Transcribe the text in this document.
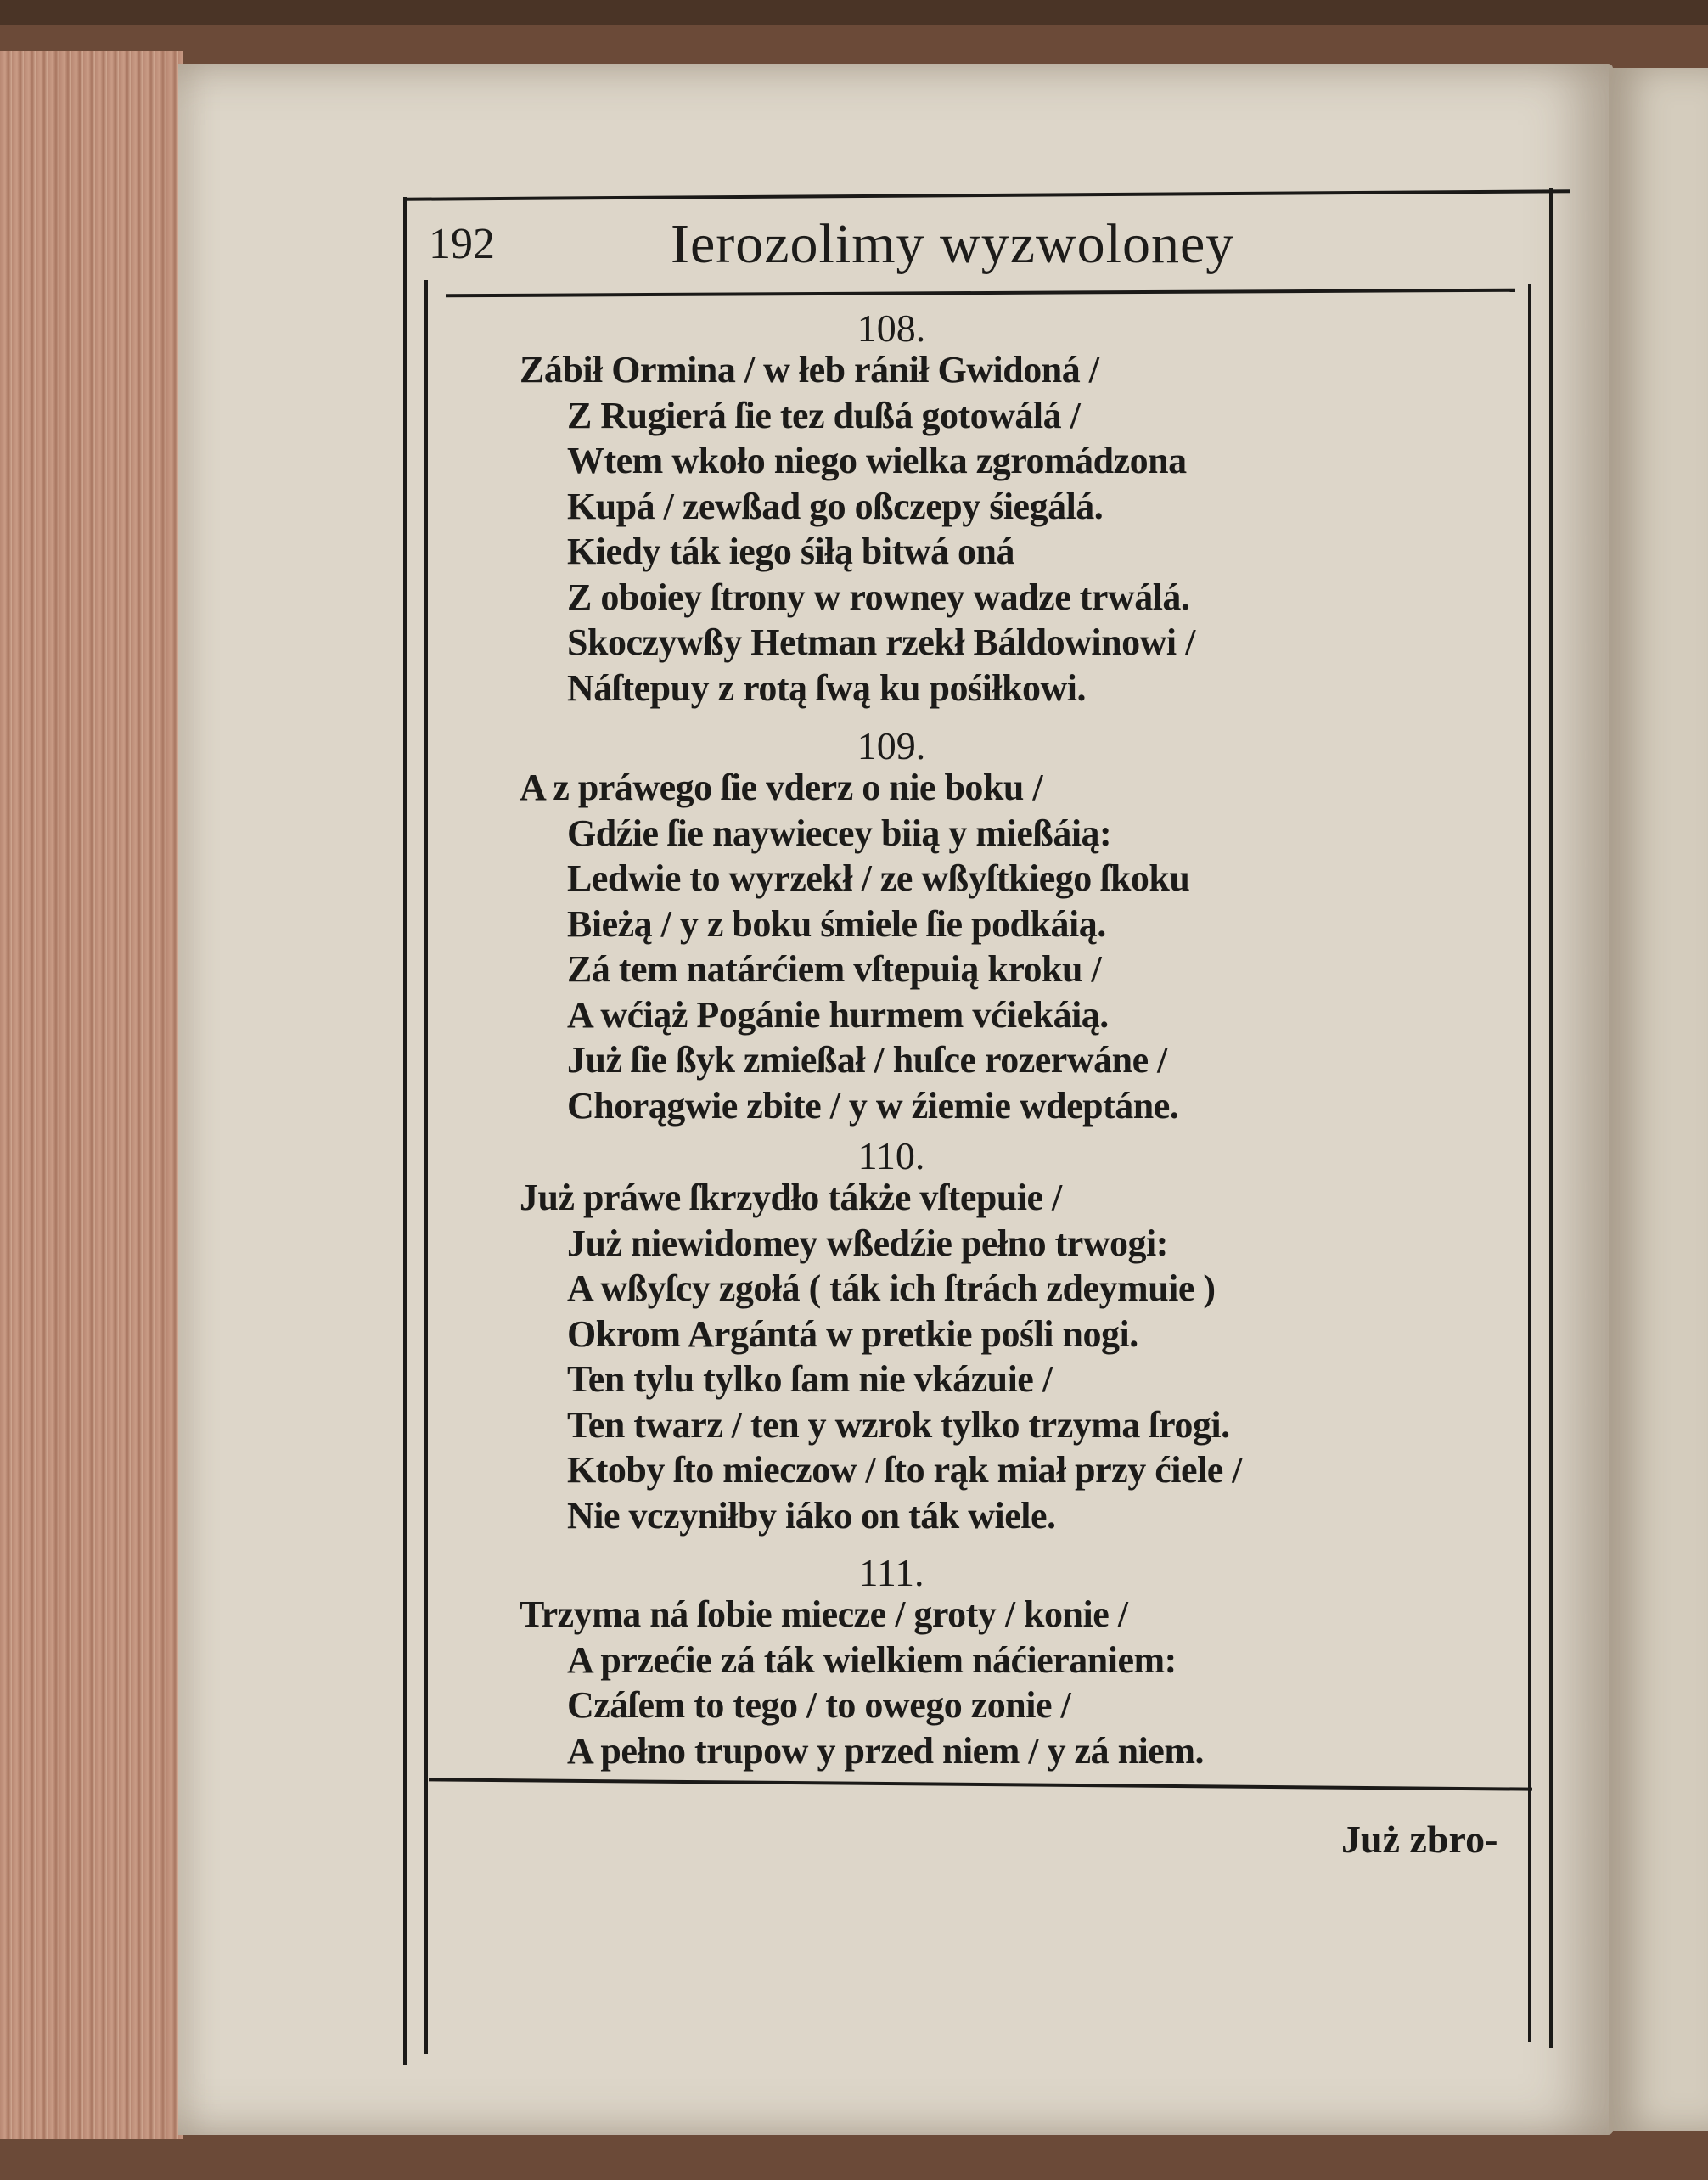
192	Ierozolimy wyzwoloney
108.
Zábił Ormina / w łeb ránił Gwidoná /
Z Rugierá ſie tez dußá gotowálá /
Wtem wkoło niego wielka zgromádzona
Kupá / zewßad go oßczepy śiegálá.
Kiedy ták iego śiłą bitwá oná
Z oboiey ſtrony w rowney wadze trwálá.
Skoczywßy Hetman rzekł Báldowinowi /
Náſtepuy z rotą ſwą ku pośiłkowi.
109.
A z práwego ſie vderz o nie boku /
Gdźie ſie naywiecey biią y mießáią:
Ledwie to wyrzekł / ze wßyſtkiego ſkoku
Bieżą / y z boku śmiele ſie podkáią.
Zá tem natárćiem vſtepuią kroku /
A wćiąż Pogánie hurmem vćiekáią.
Już ſie ßyk zmießał / huſce rozerwáne /
Chorągwie zbite / y w źiemie wdeptáne.
110.
Już práwe ſkrzydło tákże vſtepuie /
Już niewidomey wßedźie pełno trwogi:
A wßyſcy zgołá ( ták ich ſtrách zdeymuie )
Okrom Argántá w pretkie pośli nogi.
Ten tylu tylko ſam nie vkázuie /
Ten twarz / ten y wzrok tylko trzyma ſrogi.
Ktoby ſto mieczow / ſto rąk miał przy ćiele /
Nie vczyniłby iáko on ták wiele.
111.
Trzyma ná ſobie miecze / groty / konie /
A przećie zá ták wielkiem náćieraniem:
Czáſem to tego / to owego zonie /
A pełno trupow y przed niem / y zá niem.
Już zbro-
